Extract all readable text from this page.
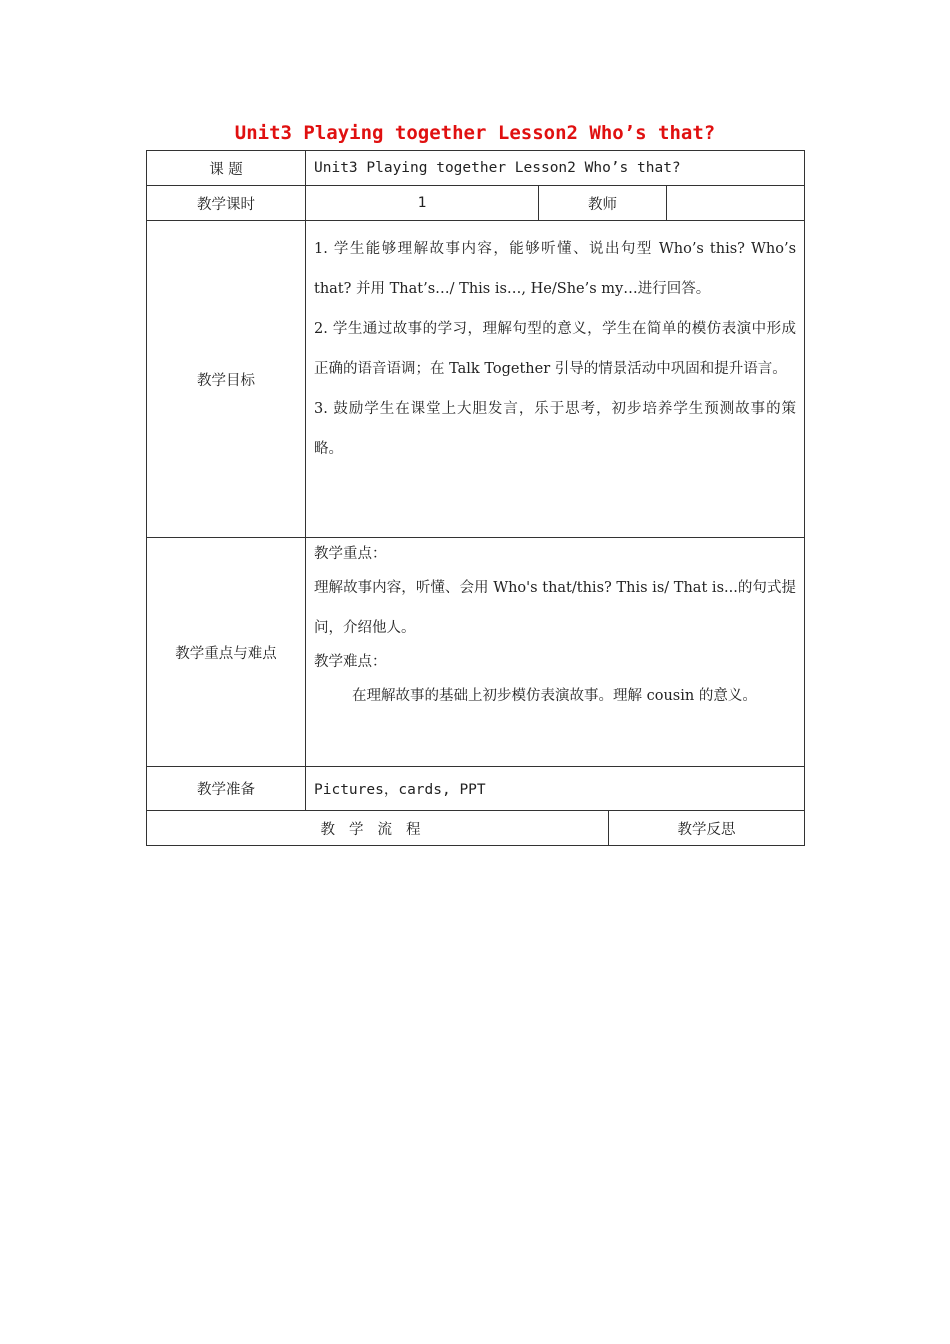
Unit3 Playing together Lesson2 Who’s that?
课 题	Unit3 Playing together Lesson2 Who’s that?			
教学课时	1	教师		
教学目标	1. 学生能够理解故事内容，能够听懂、说出句型 Who’s this? Who’s that? 并用 That’s…/ This is…, He/She’s my…进行回答。

2. 学生通过故事的学习，理解句型的意义，学生在简单的模仿表演中形成正确的语音语调；在 Talk Together 引导的情景活动中巩固和提升语言。

3. 鼓励学生在课堂上大胆发言，乐于思考，初步培养学生预测故事的策略。			

教学重点与难点	教学重点：

理解故事内容，听懂、会用 Who's that/this? This is/ That is...的句式提问，介绍他人。

教学难点：

在理解故事的基础上初步模仿表演故事。理解 cousin 的意义。			

教学准备	Pictures，cards, PPT			
教学流程			教学反思	
